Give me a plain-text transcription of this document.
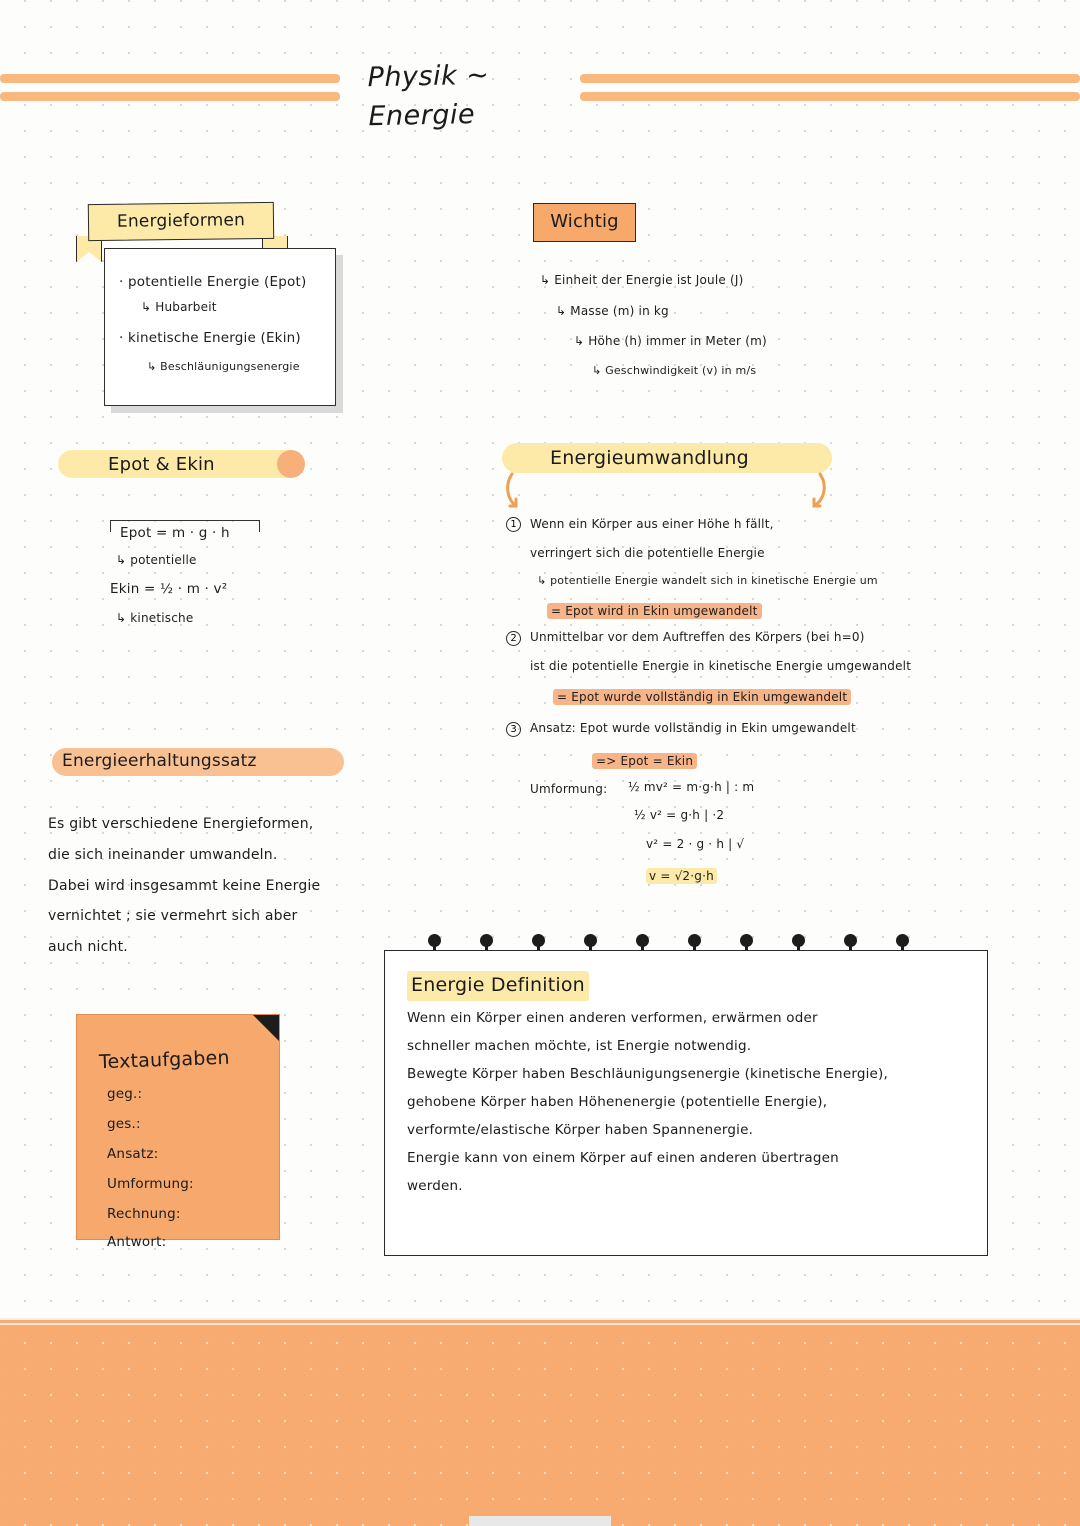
Physik ~ Energie
Energieformen
· potentielle Energie (Epot)
↳ Hubarbeit
· kinetische Energie (Ekin)
↳ Beschläunigungsenergie
Wichtig
↳ Einheit der Energie ist Joule (J)
↳ Masse (m) in kg
↳ Höhe (h) immer in Meter (m)
↳ Geschwindigkeit (v) in m/s
Epot & Ekin
Epot = m · g · h
↳ potentielle
Ekin = ½ · m · v²
↳ kinetische
Energieumwandlung
1	Wenn ein Körper aus einer Höhe h fällt,
verringert sich die potentielle Energie
↳ potentielle Energie wandelt sich in kinetische Energie um
= Epot wird in Ekin umgewandelt
2	Unmittelbar vor dem Auftreffen des Körpers (bei h=0)
ist die potentielle Energie in kinetische Energie umgewandelt
= Epot wurde vollständig in Ekin umgewandelt
3	Ansatz: Epot wurde vollständig in Ekin umgewandelt
=> Epot = Ekin
Umformung: ½ mv² = m·g·h | : m
½ v² = g·h | ·2
v² = 2 · g · h | √
v = √2·g·h
Energieerhaltungssatz
Es gibt verschiedene Energieformen,
die sich ineinander umwandeln.
Dabei wird insgesammt keine Energie
vernichtet ; sie vermehrt sich aber
auch nicht.
Textaufgaben
geg.:
ges.:
Ansatz:
Umformung:
Rechnung:
Antwort:
Energie Definition
Wenn ein Körper einen anderen verformen, erwärmen oder
schneller machen möchte, ist Energie notwendig.
Bewegte Körper haben Beschläunigungsenergie (kinetische Energie),
gehobene Körper haben Höhenenergie (potentielle Energie),
verformte/elastische Körper haben Spannenergie.
Energie kann von einem Körper auf einen anderen übertragen
werden.
